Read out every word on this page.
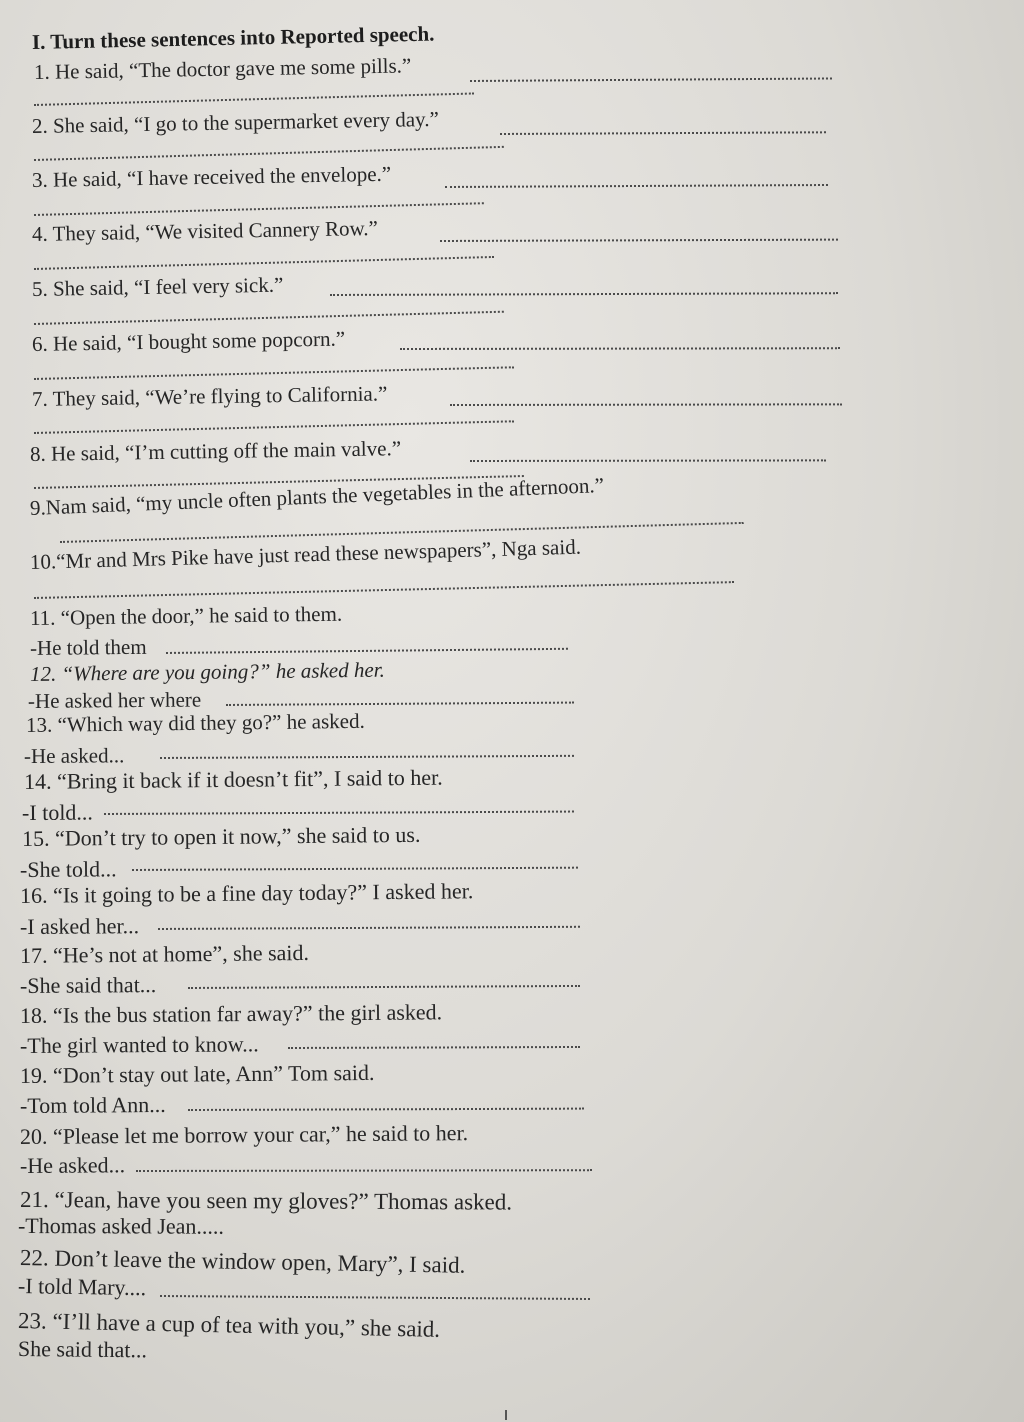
I. Turn these sentences into Reported speech.
1. He said, “The doctor gave me some pills.”
2. She said, “I go to the supermarket every day.”
3. He said, “I have received the envelope.”
4. They said, “We visited Cannery Row.”
5. She said, “I feel very sick.”
6. He said, “I bought some popcorn.”
7. They said, “We’re flying to California.”
8. He said, “I’m cutting off the main valve.”
9.Nam said, “my uncle often plants the vegetables in the afternoon.”
10.“Mr and Mrs Pike have just read these newspapers”, Nga said.
11. “Open the door,” he said to them.
-He told them
12. “Where are you going?” he asked her.
-He asked her where
13. “Which way did they go?” he asked.
-He asked...
14. “Bring it back if it doesn’t fit”, I said to her.
-I told...
15. “Don’t try to open it now,” she said to us.
-She told...
16. “Is it going to be a fine day today?” I asked her.
-I asked her...
17. “He’s not at home”, she said.
-She said that...
18. “Is the bus station far away?” the girl asked.
-The girl wanted to know...
19. “Don’t stay out late, Ann” Tom said.
-Tom told Ann...
20. “Please let me borrow your car,” he said to her.
-He asked...
21. “Jean, have you seen my gloves?” Thomas asked.
-Thomas asked Jean.....
22. Don’t leave the window open, Mary”, I said.
-I told Mary....
23. “I’ll have a cup of tea with you,” she said.
She said that...
